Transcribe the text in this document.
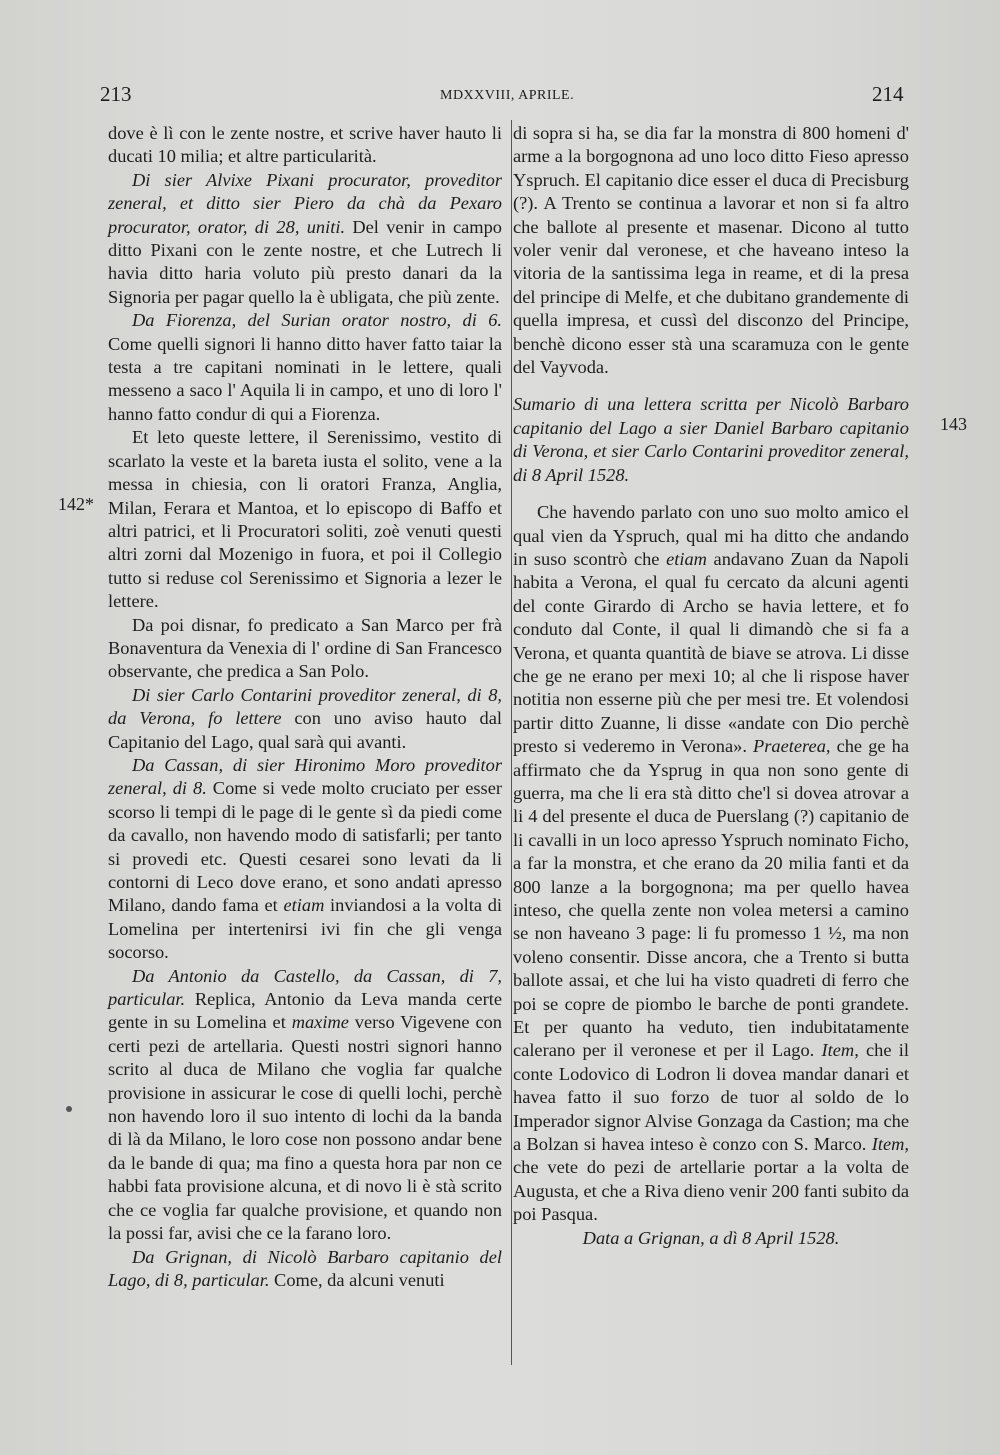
213	MDXXVIII, APRILE.	214
142*
143

dove è lì con le zente nostre, et scrive haver hauto li ducati 10 milia; et altre particularità.

Di sier Alvixe Pixani procurator, proveditor zeneral, et ditto sier Piero da chà da Pexaro procurator, orator, di 28, uniti. Del venir in campo ditto Pixani con le zente nostre, et che Lutrech li havia ditto haria voluto più presto danari da la Signoria per pagar quello la è ubligata, che più zente.

Da Fiorenza, del Surian orator nostro, di 6. Come quelli signori li hanno ditto haver fatto taiar la testa a tre capitani nominati in le lettere, quali messeno a saco l' Aquila li in campo, et uno di loro l' hanno fatto condur di qui a Fiorenza.

Et leto queste lettere, il Serenissimo, vestito di scarlato la veste et la bareta iusta el solito, vene a la messa in chiesia, con li oratori Franza, Anglia, Milan, Ferara et Mantoa, et lo episcopo di Baffo et altri patrici, et li Procuratori soliti, zoè venuti questi altri zorni dal Mozenigo in fuora, et poi il Collegio tutto si reduse col Serenissimo et Signoria a lezer le lettere.

Da poi disnar, fo predicato a San Marco per frà Bonaventura da Venexia di l' ordine di San Francesco observante, che predica a San Polo.

Di sier Carlo Contarini proveditor zeneral, di 8, da Verona, fo lettere con uno aviso hauto dal Capitanio del Lago, qual sarà qui avanti.

Da Cassan, di sier Hironimo Moro proveditor zeneral, di 8. Come si vede molto cruciato per esser scorso li tempi di le page di le gente sì da piedi come da cavallo, non havendo modo di satisfarli; per tanto si provedi etc. Questi cesarei sono levati da li contorni di Leco dove erano, et sono andati apresso Milano, dando fama et etiam inviandosi a la volta di Lomelina per intertenirsi ivi fin che gli venga socorso.

Da Antonio da Castello, da Cassan, di 7, particular. Replica, Antonio da Leva manda certe gente in su Lomelina et maxime verso Vigevene con certi pezi de artellaria. Questi nostri signori hanno scrito al duca de Milano che voglia far qualche provisione in assicurar le cose di quelli lochi, perchè non havendo loro il suo intento di lochi da la banda di là da Milano, le loro cose non possono andar bene da le bande di qua; ma fino a questa hora par non ce habbi fata provisione alcuna, et di novo li è stà scrito che ce voglia far qualche provisione, et quando non la possi far, avisi che ce la farano loro.

Da Grignan, di Nicolò Barbaro capitanio del Lago, di 8, particular. Come, da alcuni venuti

di sopra si ha, se dia far la monstra di 800 homeni d' arme a la borgognona ad uno loco ditto Fieso apresso Yspruch. El capitanio dice esser el duca di Precisburg (?). A Trento se continua a lavorar et non si fa altro che ballote al presente et masenar. Dicono al tutto voler venir dal veronese, et che haveano inteso la vitoria de la santissima lega in reame, et di la presa del principe di Melfe, et che dubitano grandemente di quella impresa, et cussì del disconzo del Principe, benchè dicono esser stà una scaramuza con le gente del Vayvoda.

Sumario di una lettera scritta per Nicolò Barbaro capitanio del Lago a sier Daniel Barbaro capitanio di Verona, et sier Carlo Contarini proveditor zeneral, di 8 April 1528.

Che havendo parlato con uno suo molto amico el qual vien da Yspruch, qual mi ha ditto che andando in suso scontrò che etiam andavano Zuan da Napoli habita a Verona, el qual fu cercato da alcuni agenti del conte Girardo di Archo se havia lettere, et fo conduto dal Conte, il qual li dimandò che si fa a Verona, et quanta quantità de biave se atrova. Li disse che ge ne erano per mexi 10; al che li rispose haver notitia non esserne più che per mesi tre. Et volendosi partir ditto Zuanne, li disse «andate con Dio perchè presto si vederemo in Verona». Praeterea, che ge ha affirmato che da Ysprug in qua non sono gente di guerra, ma che li era stà ditto che'l si dovea atrovar a li 4 del presente el duca de Puerslang (?) capitanio de li cavalli in un loco apresso Yspruch nominato Ficho, a far la monstra, et che erano da 20 milia fanti et da 800 lanze a la borgognona; ma per quello havea inteso, che quella zente non volea metersi a camino se non haveano 3 page: li fu promesso 1 ½, ma non voleno consentir. Disse ancora, che a Trento si butta ballote assai, et che lui ha visto quadreti di ferro che poi se copre de piombo le barche de ponti grandete. Et per quanto ha veduto, tien indubitatamente calerano per il veronese et per il Lago. Item, che il conte Lodovico di Lodron li dovea mandar danari et havea fatto il suo forzo de tuor al soldo de lo Imperador signor Alvise Gonzaga da Castion; ma che a Bolzan si havea inteso è conzo con S. Marco. Item, che vete do pezi de artellarie portar a la volta de Augusta, et che a Riva dieno venir 200 fanti subito da poi Pasqua.

Data a Grignan, a dì 8 April 1528.
